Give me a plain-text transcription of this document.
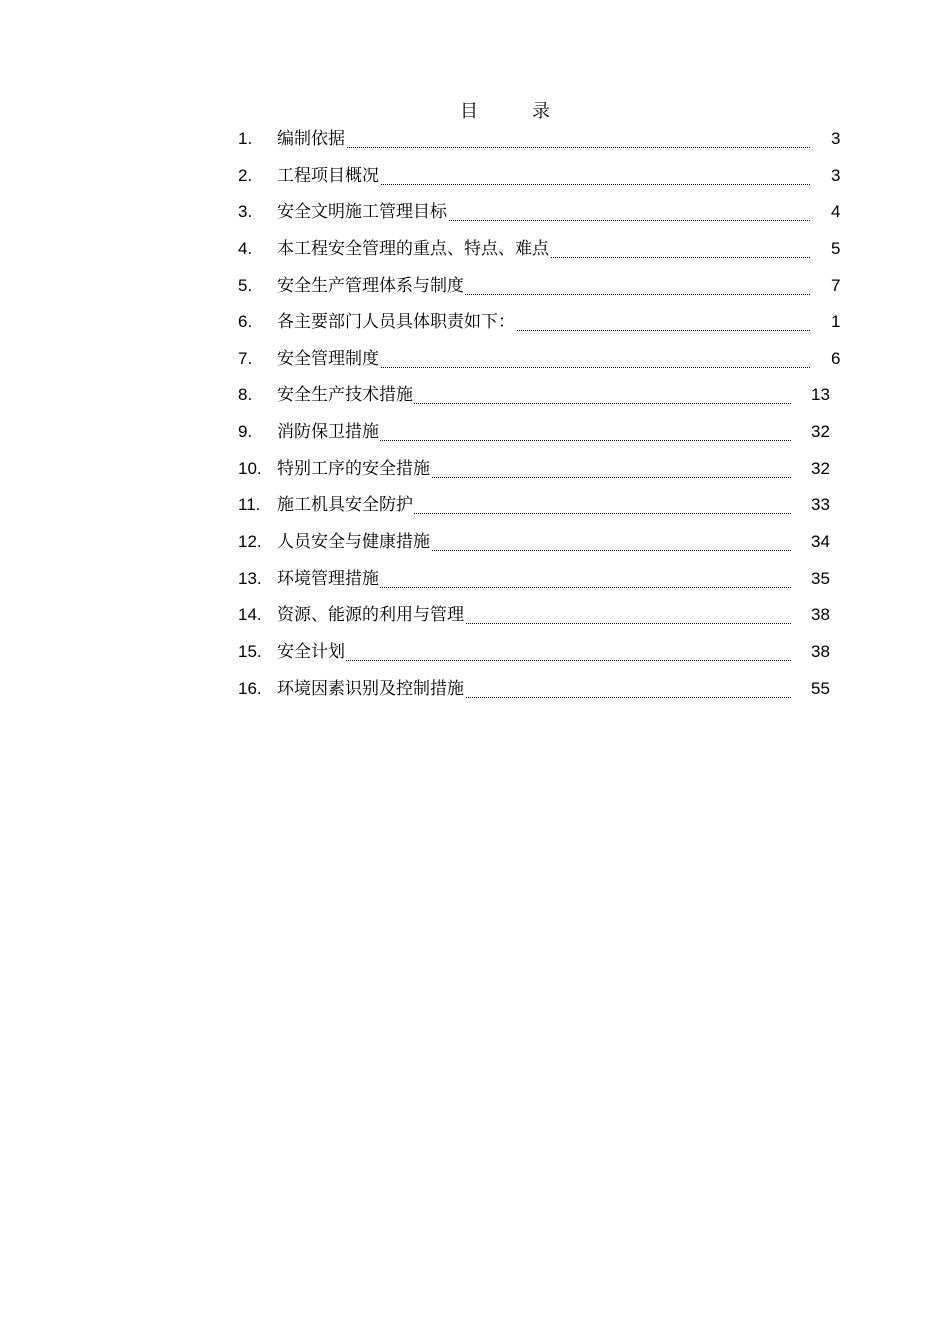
目	录
1.	编制依据	3
2.	工程项目概况	3
3.	安全文明施工管理目标	4
4.	本工程安全管理的重点、特点、难点	5
5.	安全生产管理体系与制度	7
6.	各主要部门人员具体职责如下：	1
7.	安全管理制度	6
8.	安全生产技术措施	13
9.	消防保卫措施	32
10. 特别工序的安全措施	32
11. 施工机具安全防护	33
12. 人员安全与健康措施	34
13. 环境管理措施	35
14. 资源、能源的利用与管理	38
15. 安全计划	38
16. 环境因素识别及控制措施	55
